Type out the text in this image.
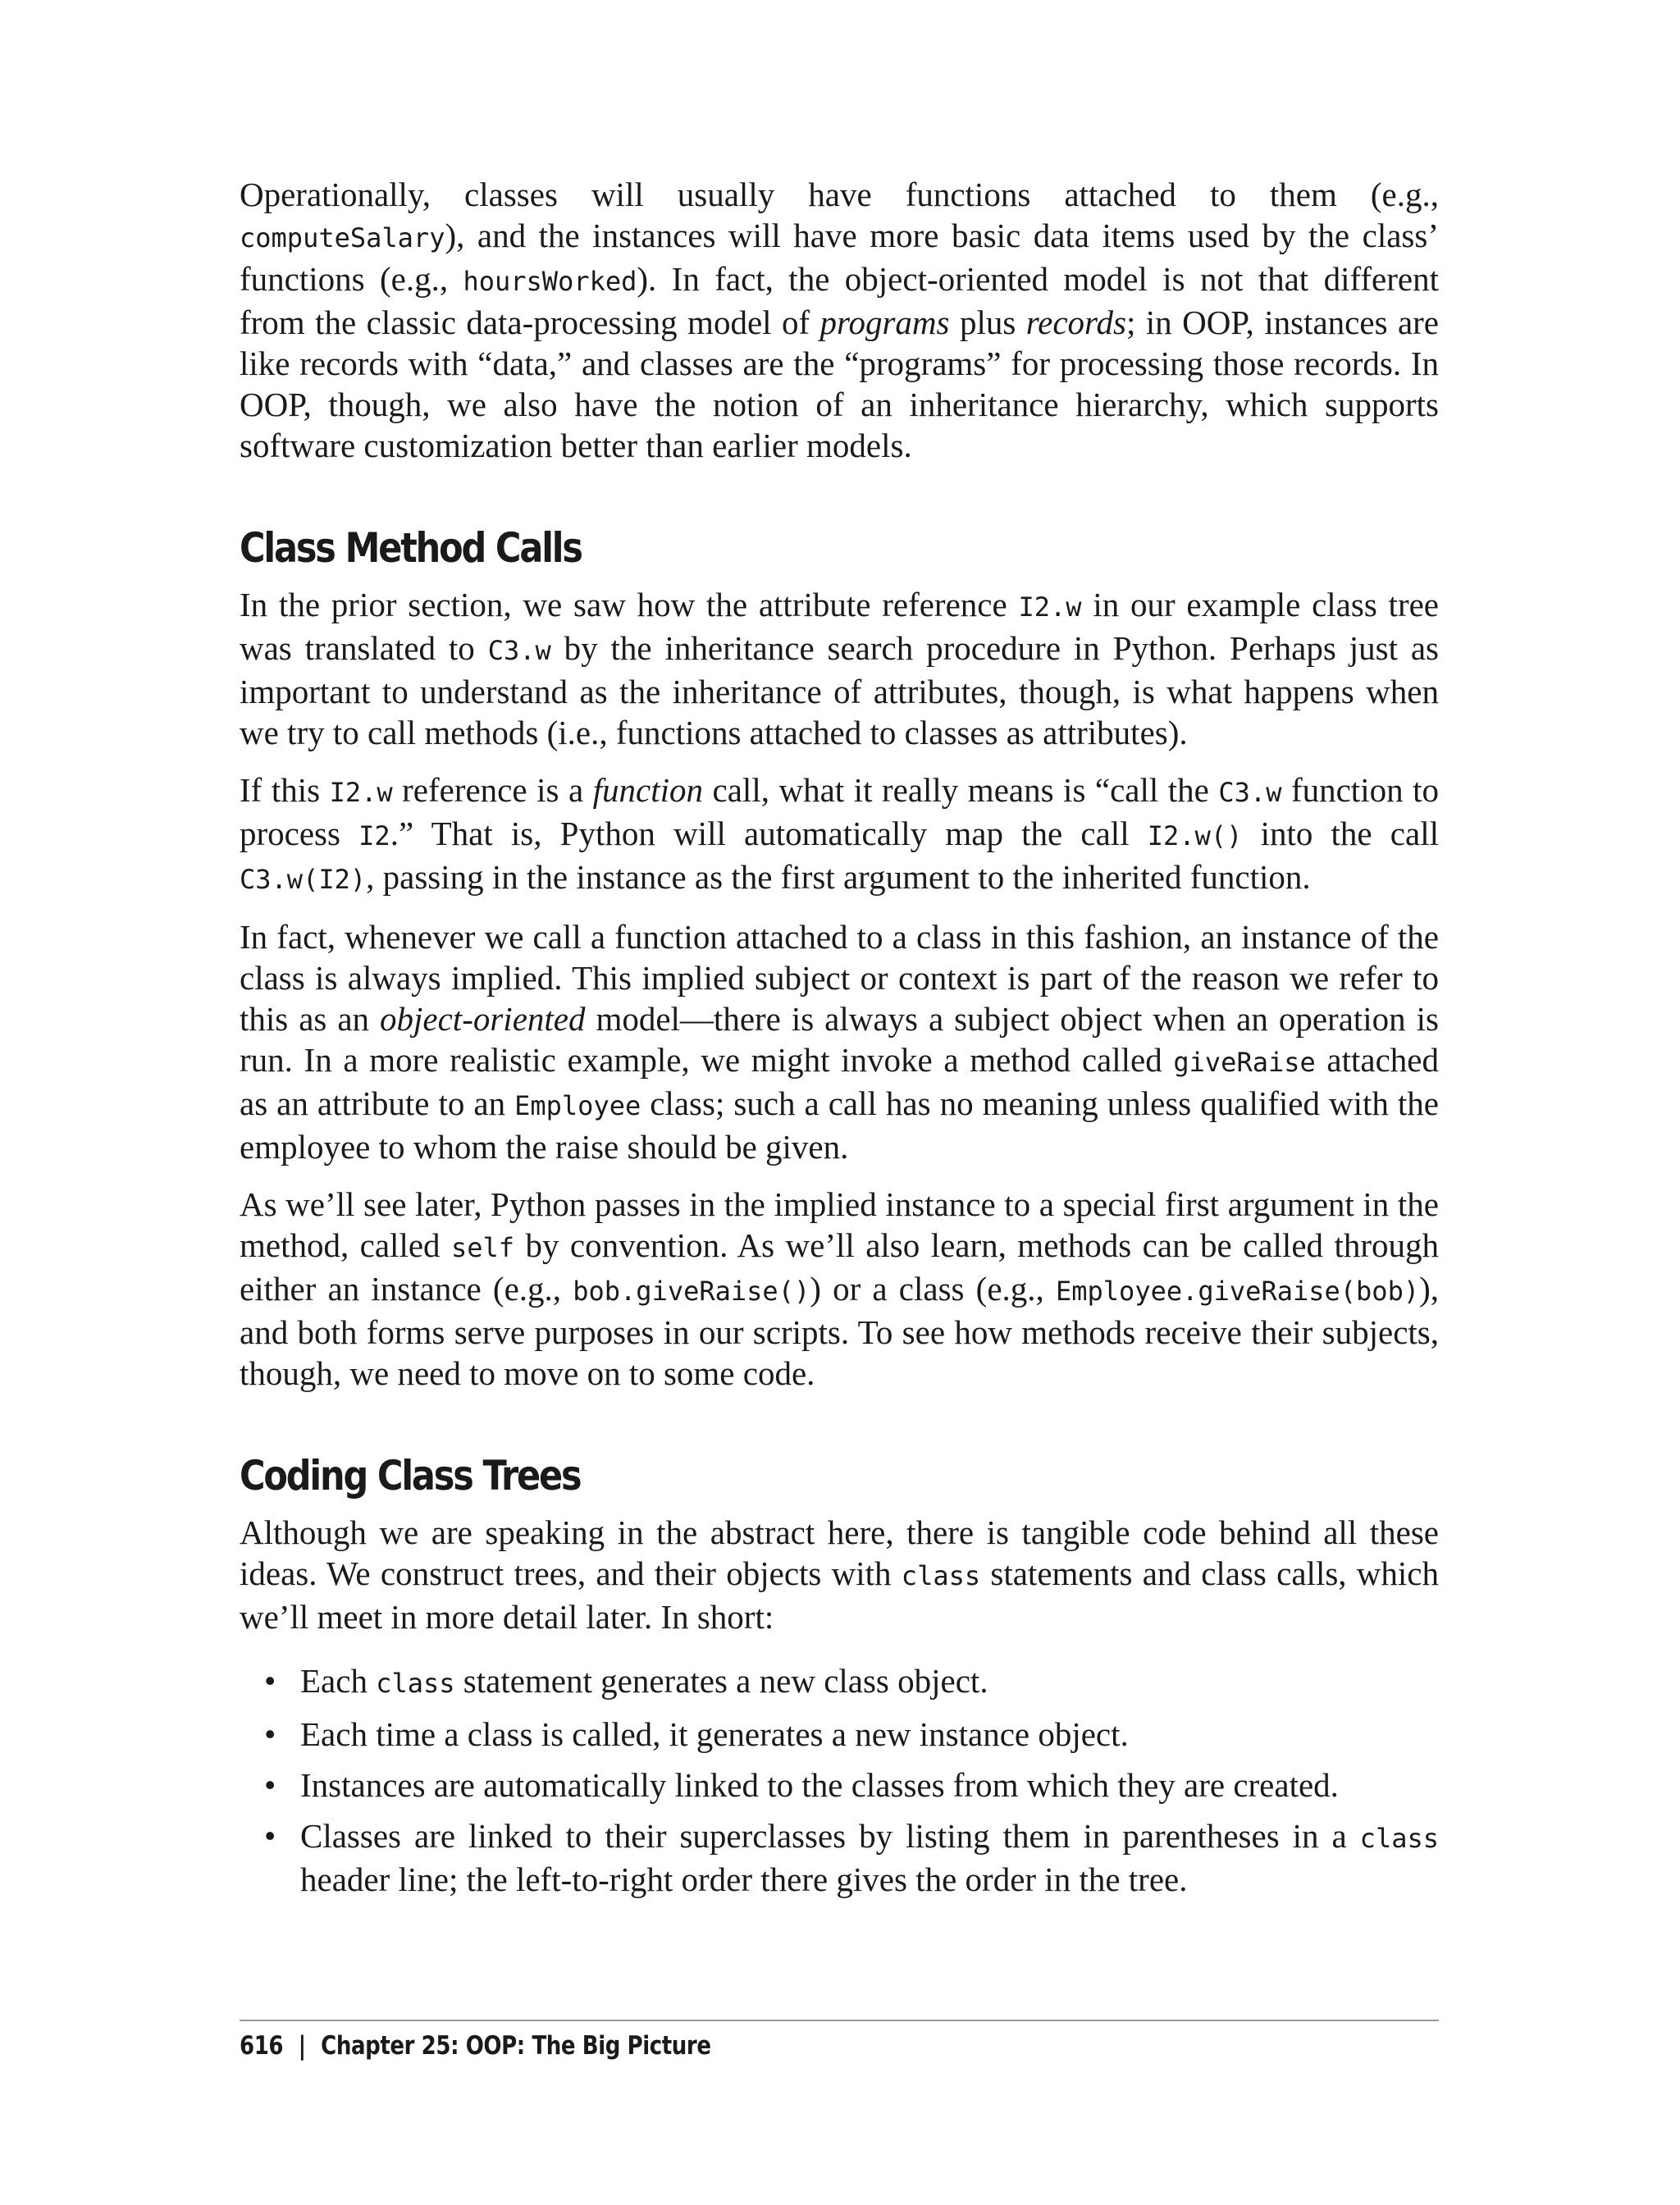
Operationally, classes will usually have functions attached to them (e.g., computeSalary), and the instances will have more basic data items used by the class’ functions (e.g., hoursWorked). In fact, the object-oriented model is not that different from the classic data-processing model of programs plus records; in OOP, instances are like records with “data,” and classes are the “programs” for processing those records. In OOP, though, we also have the notion of an inheritance hierarchy, which supports software customization better than earlier models.

Class Method Calls

In the prior section, we saw how the attribute reference I2.w in our example class tree was translated to C3.w by the inheritance search procedure in Python. Perhaps just as important to understand as the inheritance of attributes, though, is what happens when we try to call methods (i.e., functions attached to classes as attributes).

If this I2.w reference is a function call, what it really means is “call the C3.w function to process I2.” That is, Python will automatically map the call I2.w() into the call C3.w(I2), passing in the instance as the first argument to the inherited function.

In fact, whenever we call a function attached to a class in this fashion, an instance of the class is always implied. This implied subject or context is part of the reason we refer to this as an object-oriented model—there is always a subject object when an operation is run. In a more realistic example, we might invoke a method called giveRaise attached as an attribute to an Employee class; such a call has no meaning unless qualified with the employee to whom the raise should be given.

As we’ll see later, Python passes in the implied instance to a special first argument in the method, called self by convention. As we’ll also learn, methods can be called through either an instance (e.g., bob.giveRaise()) or a class (e.g., Employee.giveRaise(bob)), and both forms serve purposes in our scripts. To see how methods receive their subjects, though, we need to move on to some code.

Coding Class Trees

Although we are speaking in the abstract here, there is tangible code behind all these ideas. We construct trees, and their objects with class statements and class calls, which we’ll meet in more detail later. In short:

• Each class statement generates a new class object.
• Each time a class is called, it generates a new instance object.
• Instances are automatically linked to the classes from which they are created.
• Classes are linked to their superclasses by listing them in parentheses in a class header line; the left-to-right order there gives the order in the tree.
616 | Chapter 25: OOP: The Big Picture
